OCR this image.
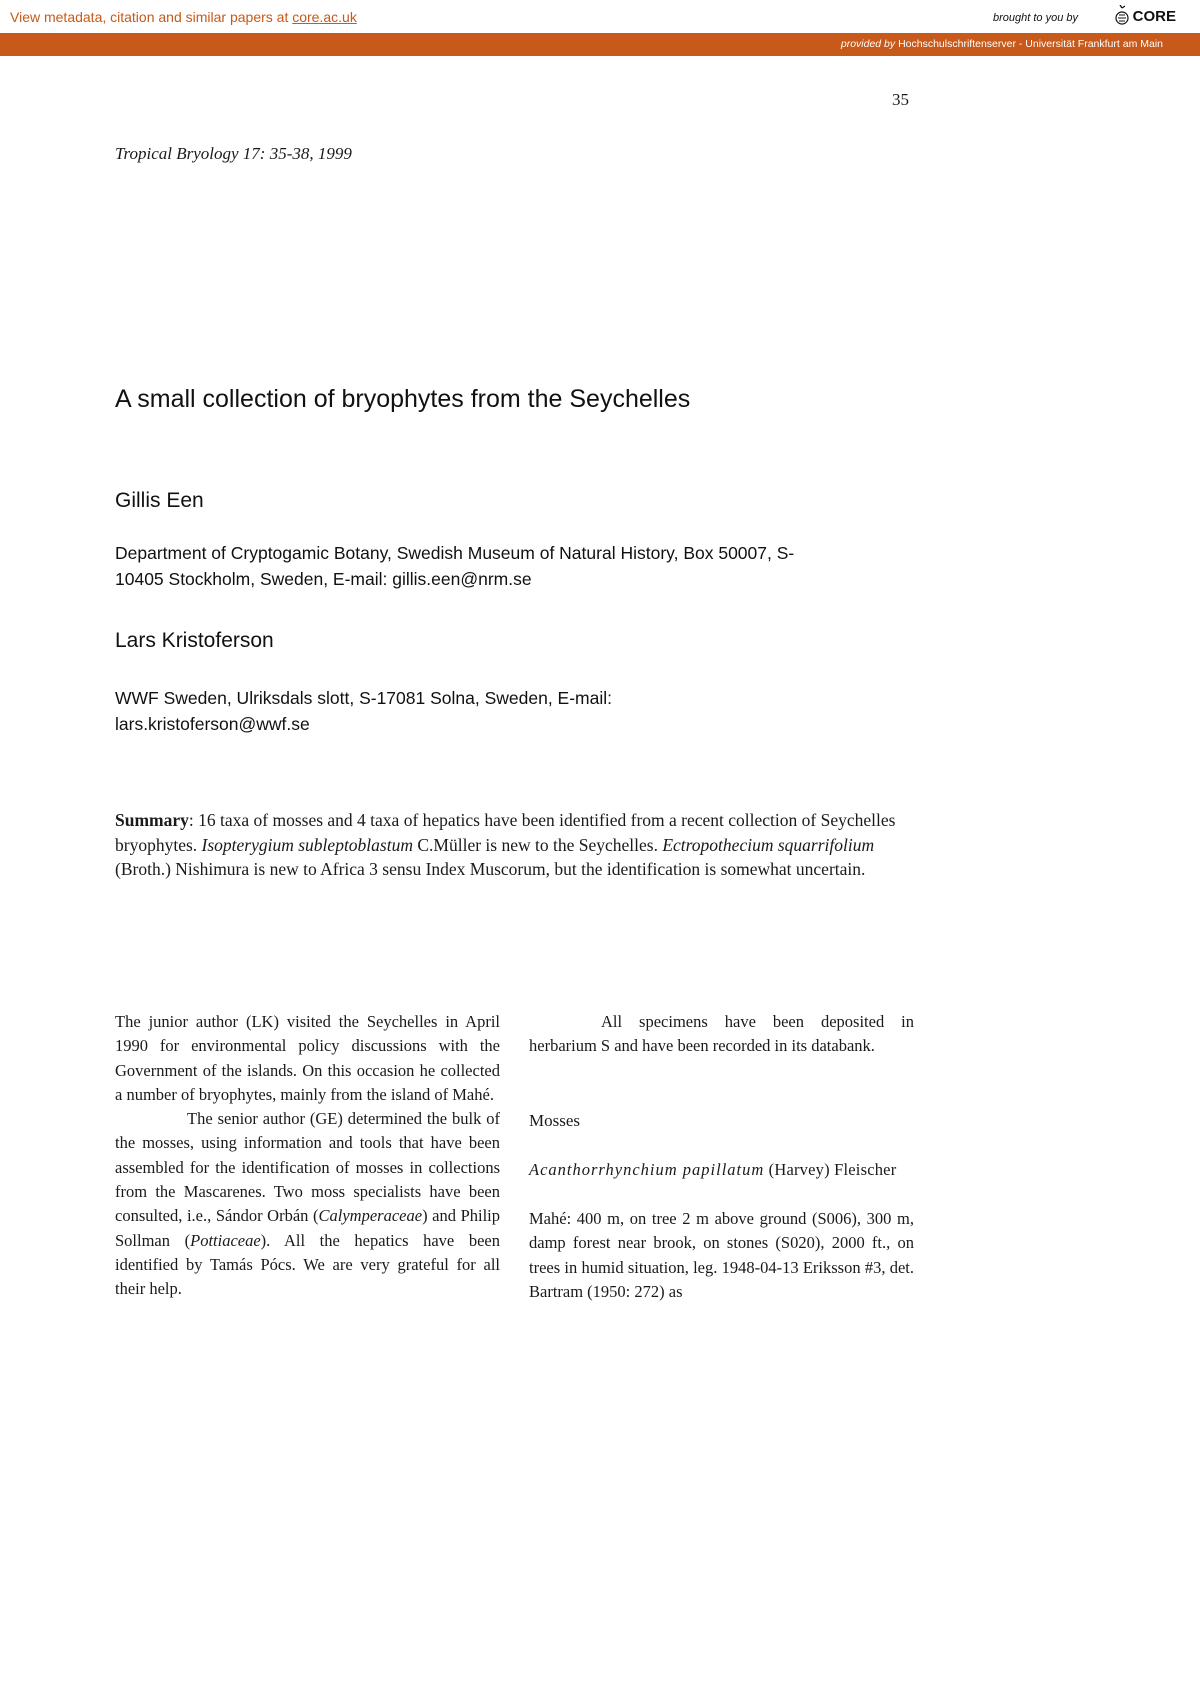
View metadata, citation and similar papers at core.ac.uk	brought to you by	CORE
provided by Hochschulschriftenserver - Universität Frankfurt am Main
35
Tropical Bryology 17: 35-38, 1999
A small collection of bryophytes from the Seychelles
Gillis Een
Department of Cryptogamic Botany, Swedish Museum of Natural History, Box 50007, S-
10405 Stockholm, Sweden, E-mail: gillis.een@nrm.se
Lars Kristoferson
WWF Sweden, Ulriksdals slott, S-17081 Solna, Sweden, E-mail:
lars.kristoferson@wwf.se
Summary: 16 taxa of mosses and 4 taxa of hepatics have been identified from a recent collection of Seychelles bryophytes. Isopterygium subleptoblastum C.Müller is new to the Seychelles. Ectropothecium squarrifolium (Broth.) Nishimura is new to Africa 3 sensu Index Muscorum, but the identification is somewhat uncertain.

The junior author (LK) visited the Seychelles in April 1990 for environmental policy discussions with the Government of the islands. On this occasion he collected a number of bryophytes, mainly from the island of Mahé.

The senior author (GE) determined the bulk of the mosses, using information and tools that have been assembled for the identification of mosses in collections from the Mascarenes. Two moss specialists have been consulted, i.e., Sándor Orbán (Calymperaceae) and Philip Sollman (Pottiaceae). All the hepatics have been identified by Tamás Pócs. We are very grateful for all their help.

All specimens have been deposited in herbarium S and have been recorded in its databank.

Mosses

Acanthorrhynchium papillatum (Harvey) Fleischer

Mahé: 400 m, on tree 2 m above ground (S006), 300 m, damp forest near brook, on stones (S020), 2000 ft., on trees in humid situation, leg. 1948-04-13 Eriksson #3, det. Bartram (1950: 272) as
